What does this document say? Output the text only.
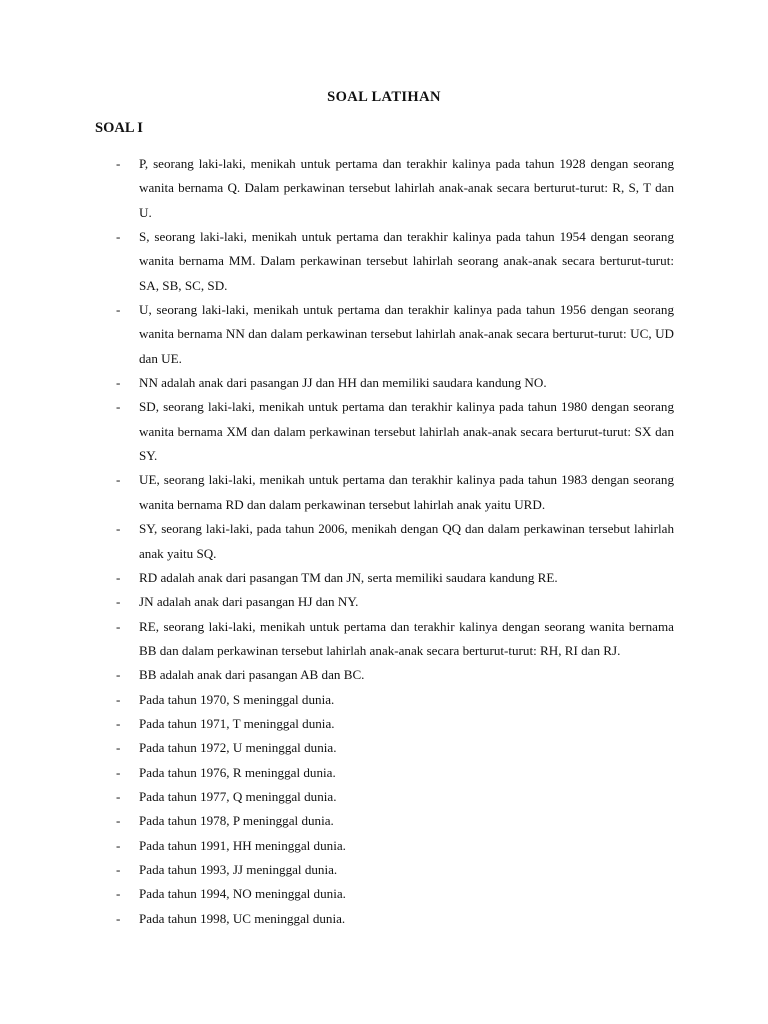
SOAL LATIHAN
SOAL I
- P, seorang laki-laki, menikah untuk pertama dan terakhir kalinya pada tahun 1928 dengan seorang wanita bernama Q. Dalam perkawinan tersebut lahirlah anak-anak secara berturut-turut: R, S, T dan U.
- S, seorang laki-laki, menikah untuk pertama dan terakhir kalinya pada tahun 1954 dengan seorang wanita bernama MM. Dalam perkawinan tersebut lahirlah seorang anak-anak secara berturut-turut: SA, SB, SC, SD.
- U, seorang laki-laki, menikah untuk pertama dan terakhir kalinya pada tahun 1956 dengan seorang wanita bernama NN dan dalam perkawinan tersebut lahirlah anak-anak secara berturut-turut: UC, UD dan UE.
- NN adalah anak dari pasangan JJ dan HH dan memiliki saudara kandung NO.
- SD, seorang laki-laki, menikah untuk pertama dan terakhir kalinya pada tahun 1980 dengan seorang wanita bernama XM dan dalam perkawinan tersebut lahirlah anak-anak secara berturut-turut: SX dan SY.
- UE, seorang laki-laki, menikah untuk pertama dan terakhir kalinya pada tahun 1983 dengan seorang wanita bernama RD dan dalam perkawinan tersebut lahirlah anak yaitu URD.
- SY, seorang laki-laki, pada tahun 2006, menikah dengan QQ dan dalam perkawinan tersebut lahirlah anak yaitu SQ.
- RD adalah anak dari pasangan TM dan JN, serta memiliki saudara kandung RE.
- JN adalah anak dari pasangan HJ dan NY.
- RE, seorang laki-laki, menikah untuk pertama dan terakhir kalinya dengan seorang wanita bernama BB dan dalam perkawinan tersebut lahirlah anak-anak secara berturut-turut: RH, RI dan RJ.
- BB adalah anak dari pasangan AB dan BC.
- Pada tahun 1970, S meninggal dunia.
- Pada tahun 1971, T meninggal dunia.
- Pada tahun 1972, U meninggal dunia.
- Pada tahun 1976, R meninggal dunia.
- Pada tahun 1977, Q meninggal dunia.
- Pada tahun 1978, P meninggal dunia.
- Pada tahun 1991, HH meninggal dunia.
- Pada tahun 1993, JJ meninggal dunia.
- Pada tahun 1994, NO meninggal dunia.
- Pada tahun 1998, UC meninggal dunia.
